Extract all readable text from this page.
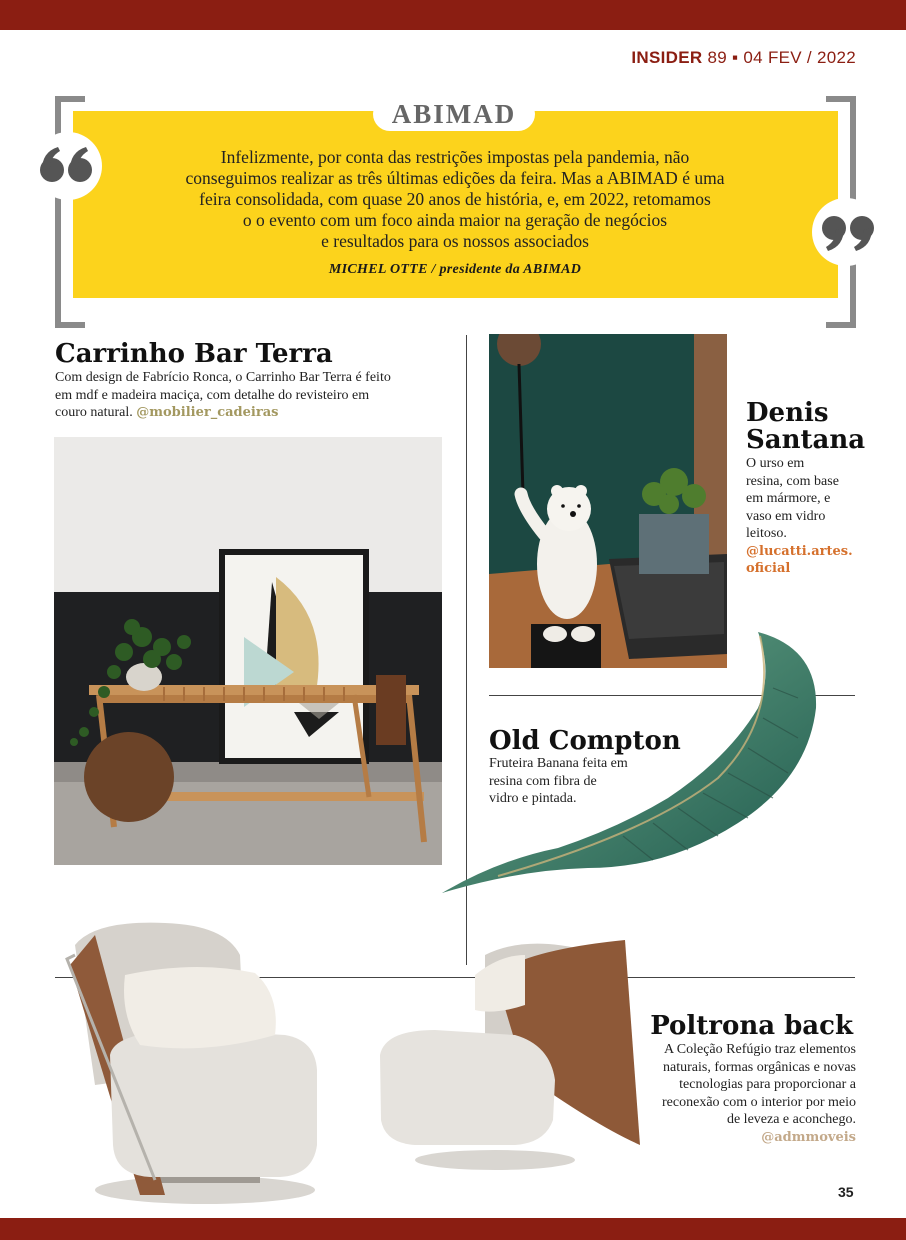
INSIDER 89 ▪ 04 FEV / 2022
ABIMAD
Infelizmente, por conta das restrições impostas pela pandemia, não
conseguimos realizar as três últimas edições da feira. Mas a ABIMAD é uma
feira consolidada, com quase 20 anos de história, e, em 2022, retomamos
o o evento com um foco ainda maior na geração de negócios
e resultados para os nossos associados
MICHEL OTTE / presidente da ABIMAD
Carrinho Bar Terra
Com design de Fabrício Ronca, o Carrinho Bar Terra é feito
em mdf e madeira maciça, com detalhe do revisteiro em
couro natural. @mobilier_cadeiras	Denis
Santana
O urso em
resina, com base
em mármore, e
vaso em vidro
leitoso.
@lucatti.artes.
oficial
Old Compton
Fruteira Banana feita em
resina com fibra de
vidro e pintada.
Poltrona back
A Coleção Refúgio traz elementos
naturais, formas orgânicas e novas
tecnologias para proporcionar a
reconexão com o interior por meio
de leveza e aconchego.
@admmoveis
35
